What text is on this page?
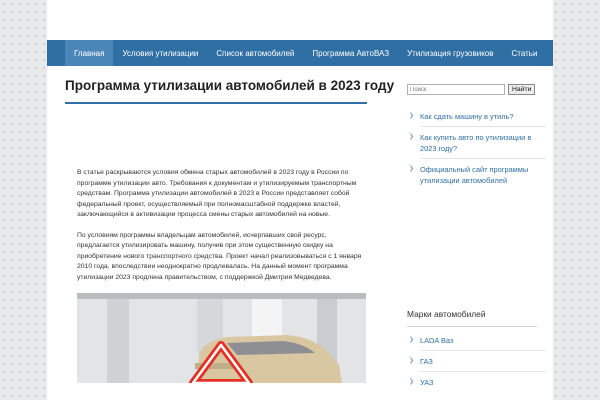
Главная	Условия утилизации	Список автомобилей	Программа АвтоВАЗ	Утилизация грузовиков	Статьи
Программа утилизации автомобилей в 2023 году

В статье раскрываются условия обмена старых автомобилей в 2023 году в России по программе утилизации авто. Требования к документам и утилизируемым транспортным средствам. Программа утилизации автомобилей в 2023 в России представляет собой федеральный проект, осуществляемый при полномасштабной поддержке властей, заключающийся в активизации процесса смены старых автомобилей на новые.

По условиям программы владельцам автомобилей, исчерпавших свой ресурс, предлагается утилизировать машину, получив при этом существенную скидку на приобретение нового транспортного средства. Проект начал реализовываться с 1 января 2010 года, впоследствии неоднократно продлевалась. На данный момент программа утилизации 2023 продлена правительством, с поддержкой Дмитрия Медведева.

Поиск
Найти
❯ Как сдать машину в утиль?
❯ Как купить авто по утилизации в 2023 году?
❯ Официальный сайт программы утилизации автомобилей
Марки автомобилей
❯ LADA Ваз
❯ ГАЗ
❯ УАЗ
